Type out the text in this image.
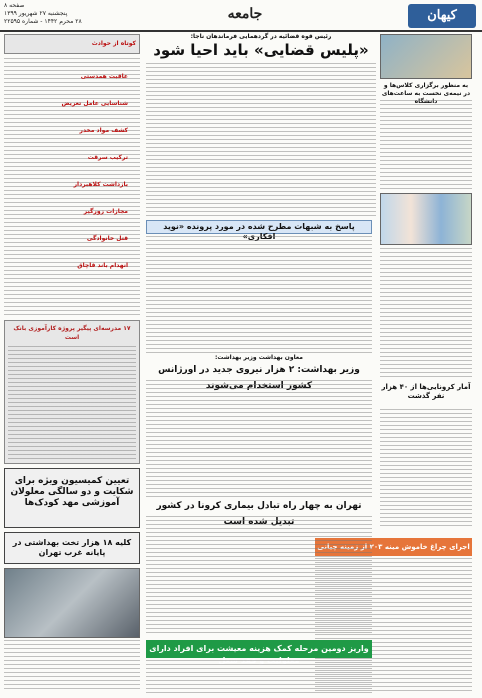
کیهان
جامعه
صفحه ۸
پنجشنبه ۲۷ شهریور ۱۳۹۹
۲۸ محرم ۱۴۴۲ - شماره ۲۲۵۹۵
به منظور برگزاری کلاس‌ها و در نیمه‌ی نخست به ساعت‌های دانشگاه
آمار کرونایی‌ها از ۴۰ هزار نفر گذشت
اجرای چراغ خاموش مینه ۲۰۳ از زمینه چیانی
رئیس قوه قضائیه در گردهمایی فرماندهان ناجا:
«پلیس قضایی» باید احیا شود
کوتاه از حوادث
عاقبت همدستی
شناسایی عامل تعریض
کشف مواد مخدر
ترکیب سرقت
بازداشت کلاهبردار
مجازات زورگیر
قتل خانوادگی
انهدام باند قاچاق
پاسخ به شبهات مطرح شده در مورد پرونده «نوید افکاری»
معاون بهداشت وزیر بهداشت:
وزیر بهداشت: ۲ هزار نیروی جدید در اورژانس کشور استخدام می‌شوند
۱۷ مدرسه‌ای پیگیر پروژه کارآموزی بانک است
تعیین کمیسیون ویژه برای شکایت و دو سالگی معلولان آموزشی مهد کودک‌ها
کلیه ۱۸ هزار تخت بهداشتی در پایانه غرب تهران
تهران به چهار راه تبادل بیماری کرونا در کشور تبدیل شده است
واریز دومین مرحله کمک هزینه معیشت برای افراد دارای معلولیت و فقد شغل
